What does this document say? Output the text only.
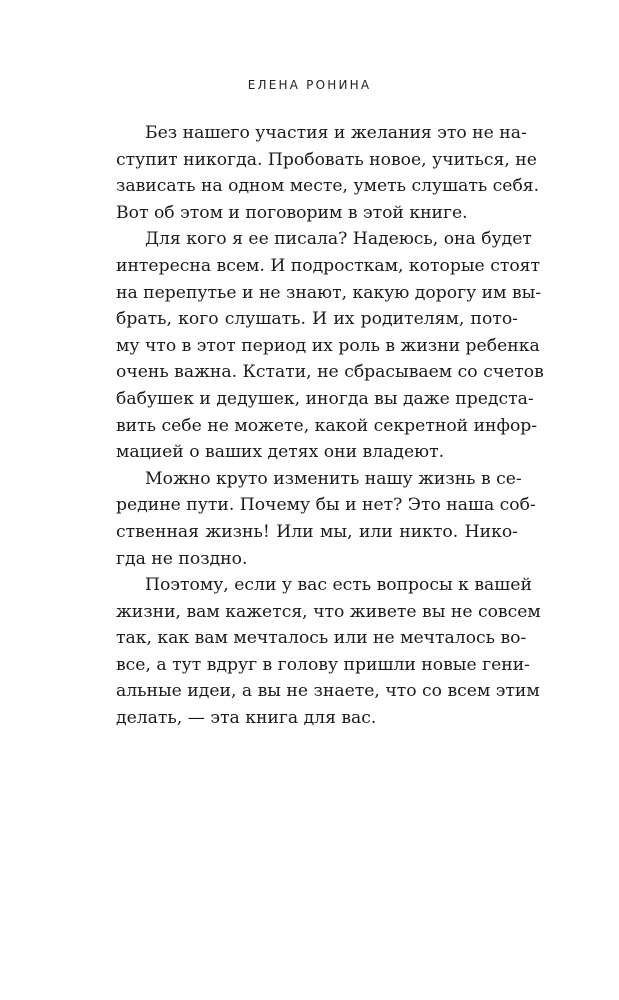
ЕЛЕНА РОНИНА
Без нашего участия и желания это не на-
ступит никогда. Пробовать новое, учиться, не
зависать на одном месте, уметь слушать себя.
Вот об этом и поговорим в этой книге.
Для кого я ее писала? Надеюсь, она будет
интересна всем. И подросткам, которые стоят
на перепутье и не знают, какую дорогу им вы-
брать, кого слушать. И их родителям, пото-
му что в этот период их роль в жизни ребенка
очень важна. Кстати, не сбрасываем со счетов
бабушек и дедушек, иногда вы даже предста-
вить себе не можете, какой секретной инфор-
мацией о ваших детях они владеют.
Можно круто изменить нашу жизнь в се-
редине пути. Почему бы и нет? Это наша соб-
ственная жизнь! Или мы, или никто. Нико-
гда не поздно.
Поэтому, если у вас есть вопросы к вашей
жизни, вам кажется, что живете вы не совсем
так, как вам мечталось или не мечталось во-
все, а тут вдруг в голову пришли новые гени-
альные идеи, а вы не знаете, что со всем этим
делать, — эта книга для вас.
